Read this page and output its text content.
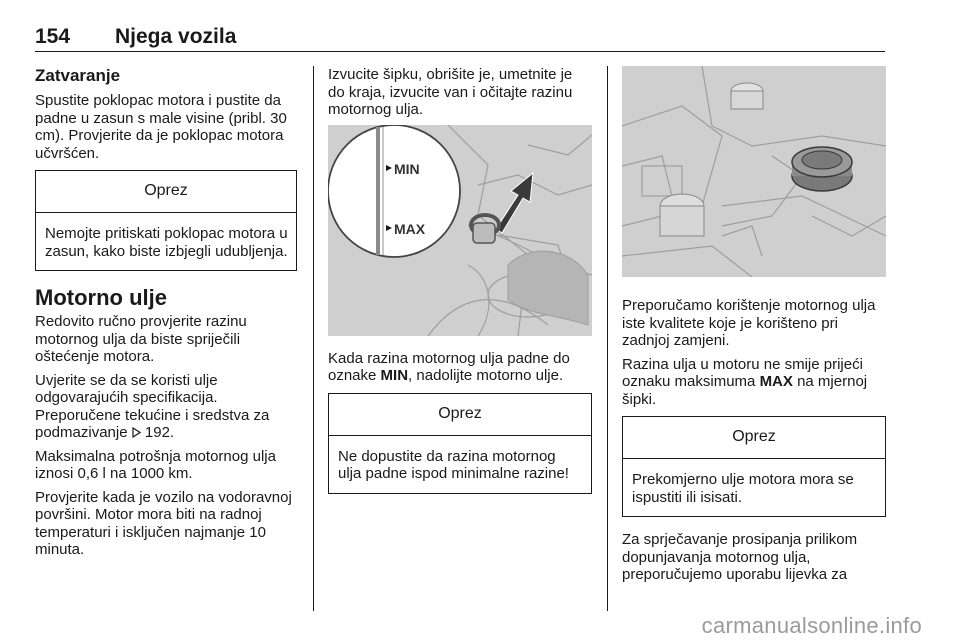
154 Njega vozila
Zatvaranje

Spustite poklopac motora i pustite da padne u zasun s male visine (pribl. 30 cm). Provjerite da je poklopac motora učvršćen.

Oprez
Nemojte pritiskati poklopac motora u zasun, kako biste izbjegli udubljenja.
Motorno ulje

Redovito ručno provjerite razinu motornog ulja da biste spriječili oštećenje motora.

Uvjerite se da se koristi ulje odgovarajućih specifikacija. Preporučene tekućine i sredstva za podmazivanje 192.

Maksimalna potrošnja motornog ulja iznosi 0,6 l na 1000 km.

Provjerite kada je vozilo na vodoravnoj površini. Motor mora biti na radnoj temperaturi i isključen najmanje 10 minuta.

Izvucite šipku, obrišite je, umetnite je do kraja, izvucite van i očitajte razinu motornog ulja.

MIN
MAX

Kada razina motornog ulja padne do oznake MIN, nadolijte motorno ulje.

Oprez
Ne dopustite da razina motornog ulja padne ispod minimalne razine!

Preporučamo korištenje motornog ulja iste kvalitete koje je korišteno pri zadnjoj zamjeni.

Razina ulja u motoru ne smije prijeći oznaku maksimuma MAX na mjernoj šipki.

Oprez
Prekomjerno ulje motora mora se ispustiti ili isisati.

Za sprječavanje prosipanja prilikom dopunjavanja motornog ulja, preporučujemo uporabu lijevka za

carmanualsonline.info
